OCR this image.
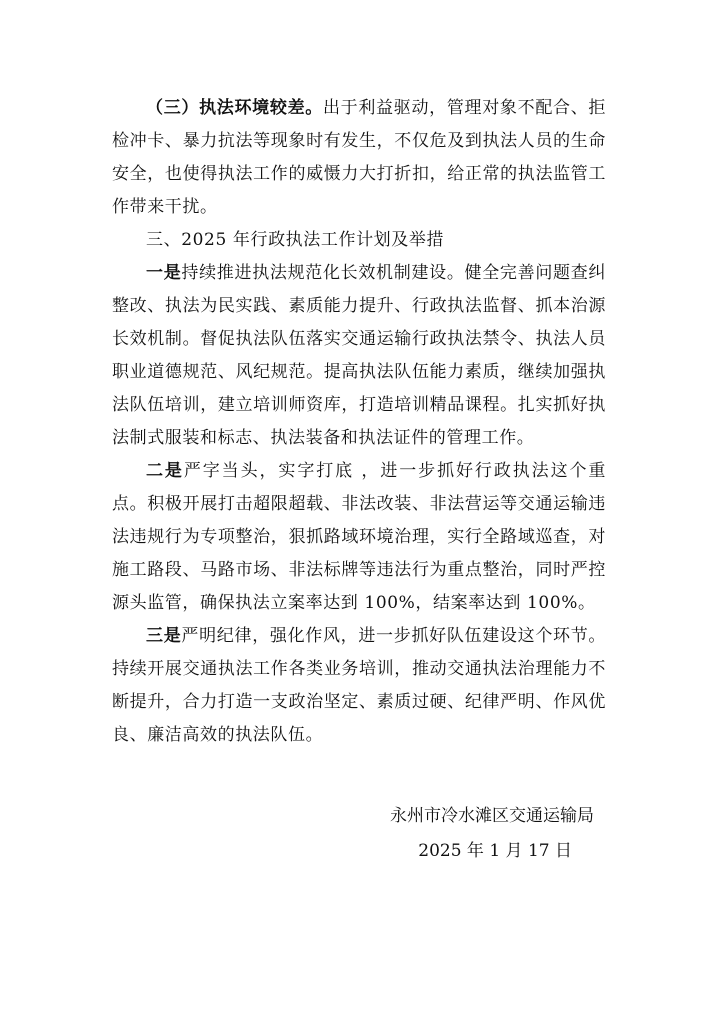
（三）执法环境较差。出于利益驱动，管理对象不配合、拒检冲卡、暴力抗法等现象时有发生，不仅危及到执法人员的生命安全，也使得执法工作的威慑力大打折扣，给正常的执法监管工作带来干扰。

三、2025 年行政执法工作计划及举措

一是持续推进执法规范化长效机制建设。健全完善问题查纠整改、执法为民实践、素质能力提升、行政执法监督、抓本治源长效机制。督促执法队伍落实交通运输行政执法禁令、执法人员职业道德规范、风纪规范。提高执法队伍能力素质，继续加强执法队伍培训，建立培训师资库，打造培训精品课程。扎实抓好执法制式服装和标志、执法装备和执法证件的管理工作。

二是严字当头，实字打底 ，进一步抓好行政执法这个重点。积极开展打击超限超载、非法改装、非法营运等交通运输违法违规行为专项整治，狠抓路域环境治理，实行全路域巡查，对施工路段、马路市场、非法标牌等违法行为重点整治，同时严控源头监管，确保执法立案率达到 100%，结案率达到 100%。

三是严明纪律，强化作风，进一步抓好队伍建设这个环节。持续开展交通执法工作各类业务培训，推动交通执法治理能力不断提升，合力打造一支政治坚定、素质过硬、纪律严明、作风优良、廉洁高效的执法队伍。

永州市冷水滩区交通运输局
2025 年 1 月 17 日
